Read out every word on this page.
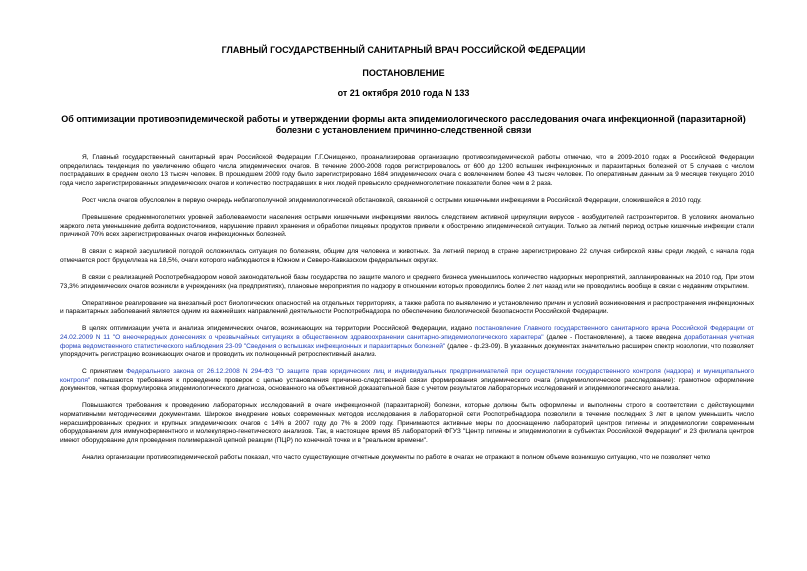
ГЛАВНЫЙ ГОСУДАРСТВЕННЫЙ САНИТАРНЫЙ ВРАЧ РОССИЙСКОЙ ФЕДЕРАЦИИ
ПОСТАНОВЛЕНИЕ
от 21 октября 2010 года N 133
Об оптимизации противоэпидемической работы и утверждении формы акта эпидемиологического расследования очага инфекционной (паразитарной) болезни с установлением причинно-следственной связи

Я, Главный государственный санитарный врач Российской Федерации Г.Г.Онищенко, проанализировав организацию противоэпидемической работы отмечаю, что в 2009-2010 годах в Российской Федерации определилась тенденция по увеличению общего числа эпидемических очагов. В течение 2000-2008 годов регистрировалось от 600 до 1200 вспышек инфекционных и паразитарных болезней от 5 случаев с числом пострадавших в среднем около 13 тысяч человек. В прошедшем 2009 году было зарегистрировано 1684 эпидемических очага с вовлечением более 43 тысяч человек. По оперативным данным за 9 месяцев текущего 2010 года число зарегистрированных эпидемических очагов и количество пострадавших в них людей превысило среднемноголетние показатели более чем в 2 раза.

Рост числа очагов обусловлен в первую очередь неблагополучной эпидемиологической обстановкой, связанной с острыми кишечными инфекциями в Российской Федерации, сложившейся в 2010 году.

Превышение среднемноголетних уровней заболеваемости населения острыми кишечными инфекциями явилось следствием активной циркуляции вирусов - возбудителей гастроэнтеритов. В условиях аномально жаркого лета уменьшение дебита водоисточников, нарушение правил хранения и обработки пищевых продуктов привели к обострению эпидемической ситуации. Только за летний период острые кишечные инфекции стали причиной 70% всех зарегистрированных очагов инфекционных болезней.

В связи с жаркой засушливой погодой осложнилась ситуация по болезням, общим для человека и животных. За летний период в стране зарегистрировано 22 случая сибирской язвы среди людей, с начала года отмечается рост бруцеллеза на 18,5%, очаги которого наблюдаются в Южном и Северо-Кавказском федеральных округах.

В связи с реализацией Роспотребнадзором новой законодательной базы государства по защите малого и среднего бизнеса уменьшилось количество надзорных мероприятий, запланированных на 2010 год. При этом 73,3% эпидемических очагов возникли в учреждениях (на предприятиях), плановые мероприятия по надзору в отношении которых проводились более 2 лет назад или не проводились вообще в связи с недавним открытием.

Оперативное реагирование на внезапный рост биологических опасностей на отдельных территориях, а также работа по выявлению и установлению причин и условий возникновения и распространения инфекционных и паразитарных заболеваний является одним из важнейших направлений деятельности Роспотребнадзора по обеспечению биологической безопасности Российской Федерации.

В целях оптимизации учета и анализа эпидемических очагов, возникающих на территории Российской Федерации, издано постановление Главного государственного санитарного врача Российской Федерации от 24.02.2009 N 11 "О внеочередных донесениях о чрезвычайных ситуациях в общественном здравоохранении санитарно-эпидемиологического характера" (далее - Постановление), а также введена доработанная учетная форма ведомственного статистического наблюдения 23-09 "Сведения о вспышках инфекционных и паразитарных болезней" (далее - ф.23-09). В указанных документах значительно расширен спектр нозологии, что позволяет упорядочить регистрацию возникающих очагов и проводить их полноценный ретроспективный анализ.

С принятием Федерального закона от 26.12.2008 N 294-ФЗ "О защите прав юридических лиц и индивидуальных предпринимателей при осуществлении государственного контроля (надзора) и муниципального контроля" повышаются требования к проведению проверок с целью установления причинно-следственной связи формирования эпидемического очага (эпидемиологическое расследование): грамотное оформление документов, четкая формулировка эпидемиологического диагноза, основанного на объективной доказательной базе с учетом результатов лабораторных исследований и эпидемиологического анализа.

Повышаются требования к проведению лабораторных исследований в очаге инфекционной (паразитарной) болезни, которые должны быть оформлены и выполнены строго в соответствии с действующими нормативными методическими документами. Широкое внедрение новых современных методов исследования в лабораторной сети Роспотребнадзора позволили в течение последних 3 лет в целом уменьшить число нерасшифрованных средних и крупных эпидемических очагов с 14% в 2007 году до 7% в 2009 году. Принимаются активные меры по дооснащению лабораторий центров гигиены и эпидемиологии современным оборудованием для иммуноферментного и молекулярно-генетического анализов. Так, в настоящее время 85 лабораторий ФГУЗ "Центр гигиены и эпидемиологии в субъектах Российской Федерации" и 23 филиала центров имеют оборудование для проведения полимеразной цепной реакции (ПЦР) по конечной точке и в "реальном времени".

Анализ организации противоэпидемической работы показал, что часто существующие отчетные документы по работе в очагах не отражают в полном объеме возникшую ситуацию, что не позволяет четко
